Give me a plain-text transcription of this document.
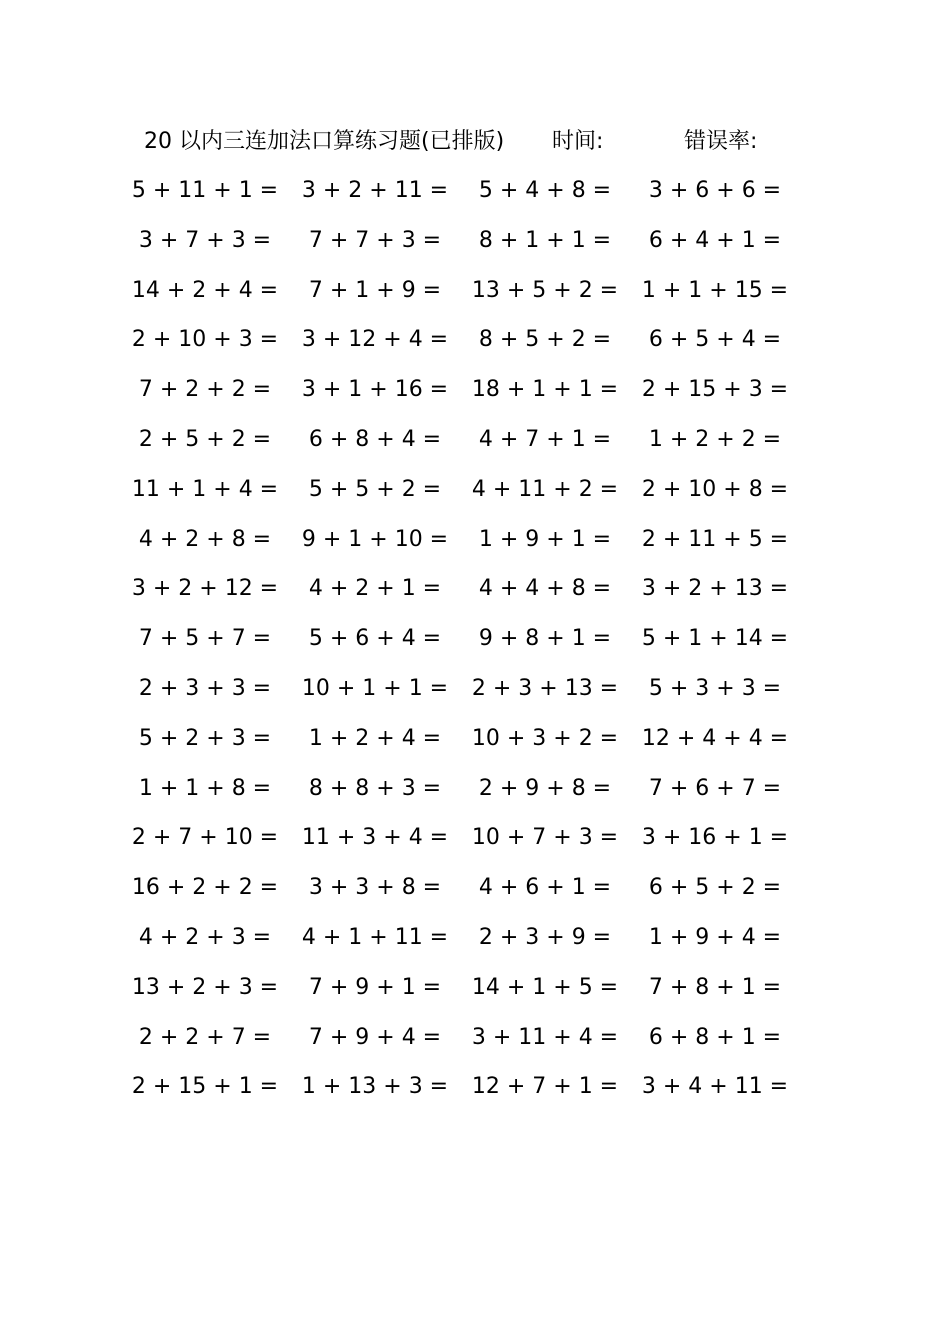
20 以内三连加法口算练习题(已排版) 时间:	错误率:
5 + 11 + 1 =	3 + 2 + 11 =	5 + 4 + 8 =	3 + 6 + 6 =
3 + 7 + 3 =	7 + 7 + 3 =	8 + 1 + 1 =	6 + 4 + 1 =
14 + 2 + 4 =	7 + 1 + 9 =	13 + 5 + 2 =	1 + 1 + 15 =
2 + 10 + 3 =	3 + 12 + 4 =	8 + 5 + 2 =	6 + 5 + 4 =
7 + 2 + 2 =	3 + 1 + 16 =	18 + 1 + 1 =	2 + 15 + 3 =
2 + 5 + 2 =	6 + 8 + 4 =	4 + 7 + 1 =	1 + 2 + 2 =
11 + 1 + 4 =	5 + 5 + 2 =	4 + 11 + 2 =	2 + 10 + 8 =
4 + 2 + 8 =	9 + 1 + 10 =	1 + 9 + 1 =	2 + 11 + 5 =
3 + 2 + 12 =	4 + 2 + 1 =	4 + 4 + 8 =	3 + 2 + 13 =
7 + 5 + 7 =	5 + 6 + 4 =	9 + 8 + 1 =	5 + 1 + 14 =
2 + 3 + 3 =	10 + 1 + 1 =	2 + 3 + 13 =	5 + 3 + 3 =
5 + 2 + 3 =	1 + 2 + 4 =	10 + 3 + 2 =	12 + 4 + 4 =
1 + 1 + 8 =	8 + 8 + 3 =	2 + 9 + 8 =	7 + 6 + 7 =
2 + 7 + 10 =	11 + 3 + 4 =	10 + 7 + 3 =	3 + 16 + 1 =
16 + 2 + 2 =	3 + 3 + 8 =	4 + 6 + 1 =	6 + 5 + 2 =
4 + 2 + 3 =	4 + 1 + 11 =	2 + 3 + 9 =	1 + 9 + 4 =
13 + 2 + 3 =	7 + 9 + 1 =	14 + 1 + 5 =	7 + 8 + 1 =
2 + 2 + 7 =	7 + 9 + 4 =	3 + 11 + 4 =	6 + 8 + 1 =
2 + 15 + 1 =	1 + 13 + 3 =	12 + 7 + 1 =	3 + 4 + 11 =
